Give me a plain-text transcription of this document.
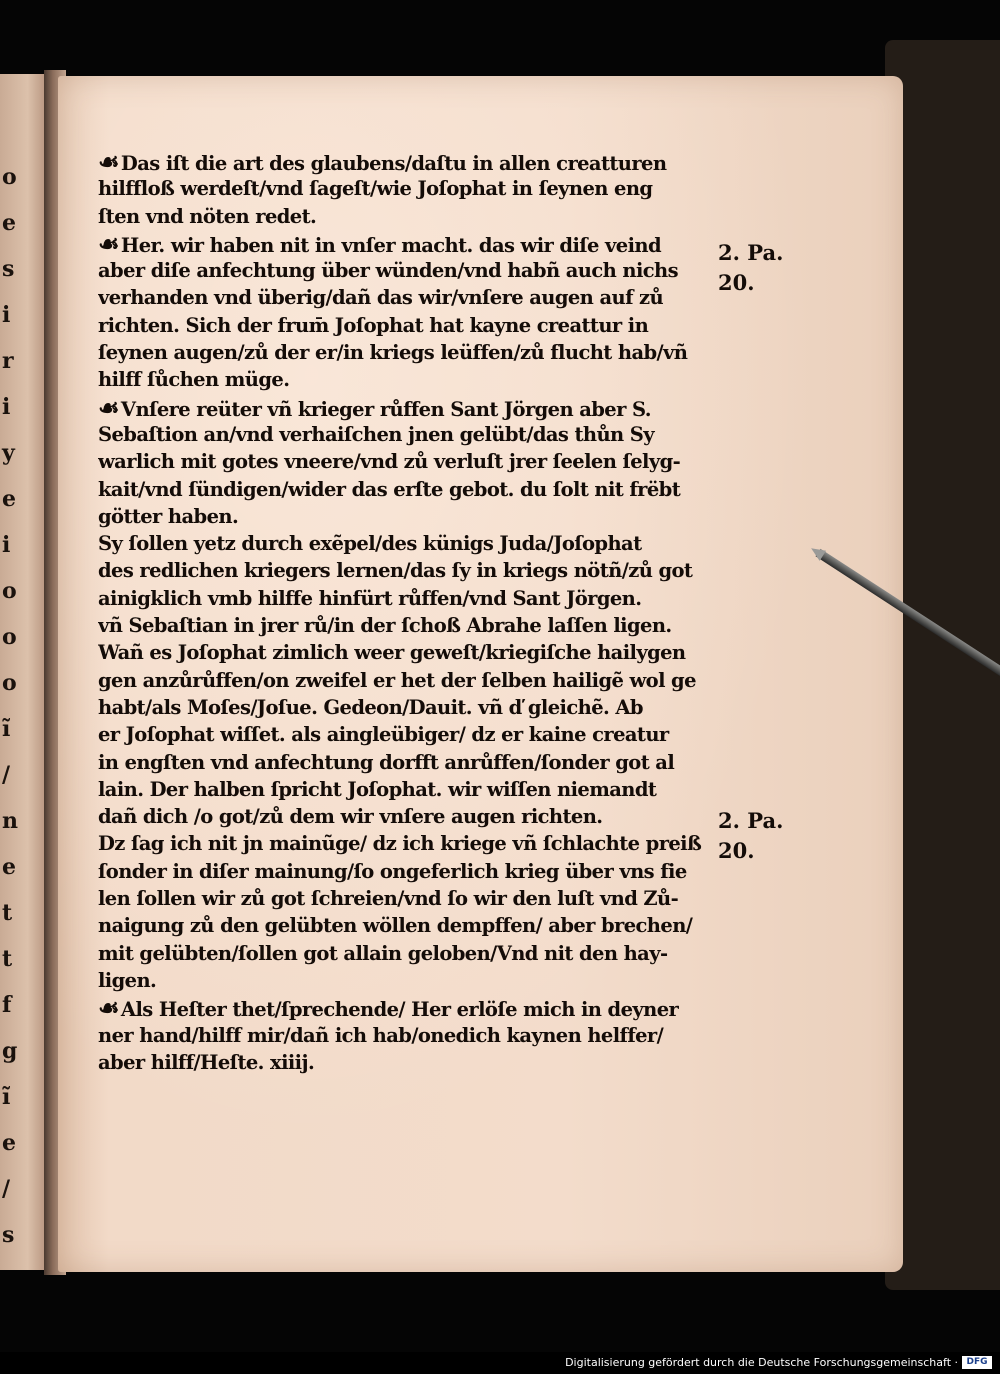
o
e
s
i
r
i
y
e
i
o
o
o
ĩ
/
n
e
t
t
f
g
ĩ
e
/
s
☙ Das iſt die art des glaubens/daſtu in allen creatturen
hilffloß werdeſt/vnd ſageſt/wie Joſophat in ſeynen eng
ſten vnd nöten redet.
☙ Her. wir haben nit in vnſer macht. das wir diſe veind
aber diſe anfechtung über wünden/vnd habñ auch nichs
verhanden vnd überig/dañ das wir/vnſere augen auf zů
richten. Sich der frum̄ Joſophat hat kayne creattur in
ſeynen augen/zů der er/in kriegs leüffen/zů flucht hab/vñ
hilff ſůchen müge.
☙ Vnſere reüter vñ krieger růffen Sant Jörgen aber S.
Sebaſtion an/vnd verhaiſchen jnen gelübt/das thůn Sy
warlich mit gotes vneere/vnd zů verluſt jrer ſeelen ſelyg-
kait/vnd ſündigen/wider das erſte gebot. du ſolt nit frëbt
götter haben.
Sy ſollen yetz durch exẽpel/des künigs Juda/Joſophat
des redlichen kriegers lernen/das ſy in kriegs nötñ/zů got
ainigklich vmb hilffe hinfürt růffen/vnd Sant Jörgen.
vñ Sebaſtian in jrer rů/in der ſchoß Abrahe laſſen ligen.
Wañ es Joſophat zimlich weer geweſt/kriegiſche hailygen
gen anzůrůffen/on zweifel er het der ſelben hailigẽ wol ge
habt/als Moſes/Joſue. Gedeon/Dauit. vñ ď gleichẽ. Ab
er Joſophat wiſſet. als aingleübiger/ dz er kaine creatur
in engſten vnd anfechtung dorfft anrůffen/ſonder got al
lain. Der halben ſpricht Joſophat. wir wiſſen niemandt
dañ dich /o got/zů dem wir vnſere augen richten.
Dz ſag ich nit jn mainũge/ dz ich kriege vñ ſchlachte preiß
ſonder in diſer mainung/ſo ongeferlich krieg über vns fie
len ſollen wir zů got ſchreien/vnd ſo wir den luſt vnd Zů-
naigung zů den gelübten wöllen dempffen/ aber brechen/
mit gelübten/ſollen got allain geloben/Vnd nit den hay-
ligen.
☙ Als Heſter thet/ſprechende/ Her erlöſe mich in deyner
ner hand/hilff mir/dañ ich hab/onedich kaynen helffer/
aber hilff/Heſte. xiiij.
2. Pa.
20.
2. Pa.
20.
Digitalisierung gefördert durch die Deutsche Forschungsgemeinschaft · DFG
